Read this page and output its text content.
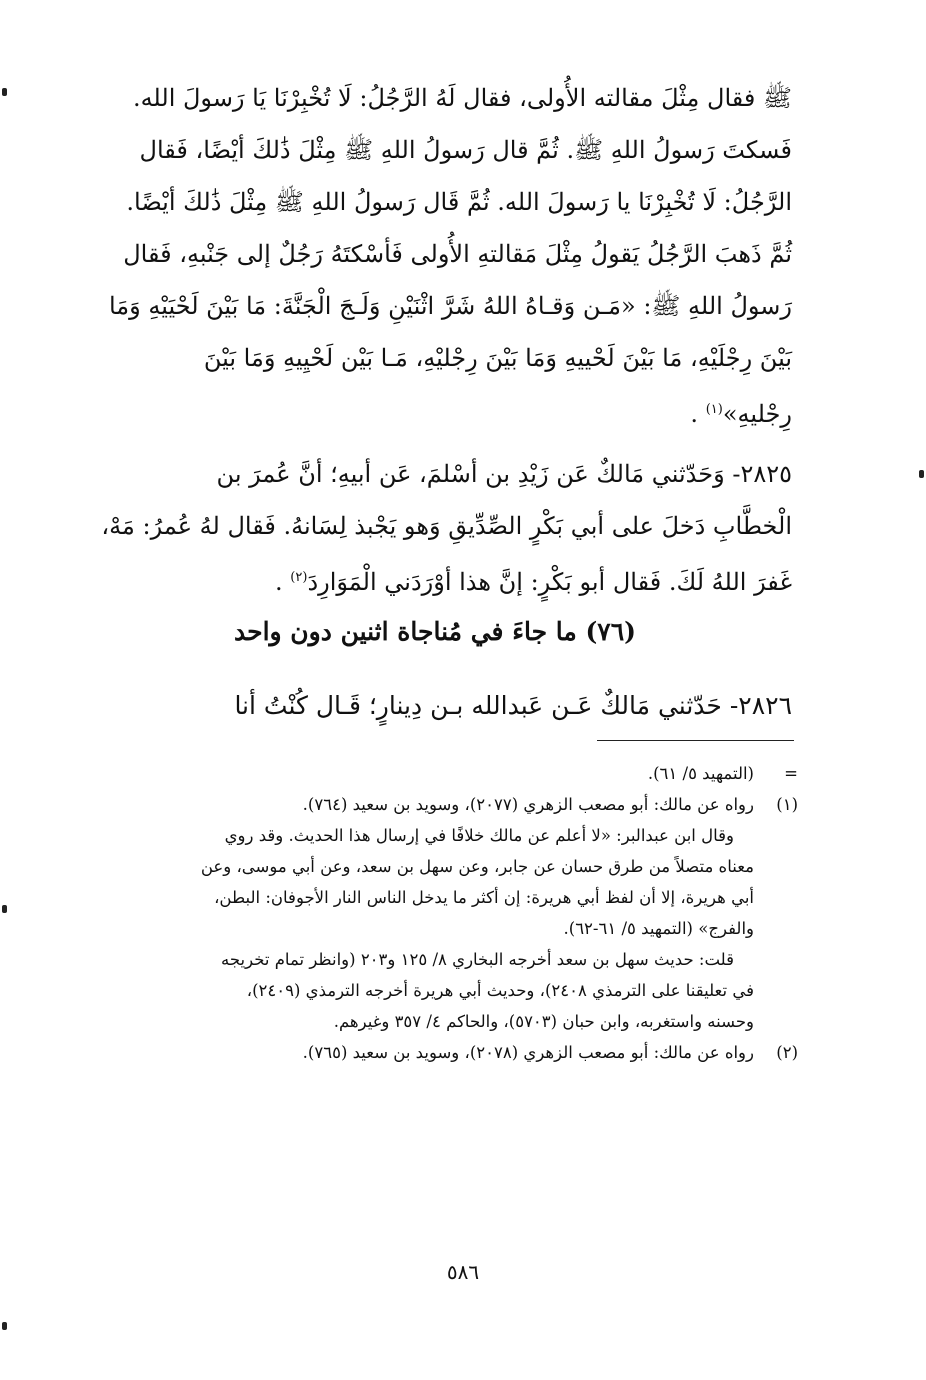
ﷺ فقال مِثْلَ مقالته الأُولى، فقال لَهُ الرَّجُلُ: لَا تُخْبِرْنَا يَا رَسولَ الله.
فَسكتَ رَسولُ اللهِ ﷺ. ثُمَّ قال رَسولُ اللهِ ﷺ مِثْلَ ذَٰلكَ أيْضًا، فَقال
الرَّجُلُ: لَا تُخْبِرْنَا يا رَسولَ الله. ثُمَّ قَال رَسولُ اللهِ ﷺ مِثْلَ ذَٰلكَ أيْضًا.
ثُمَّ ذَهبَ الرَّجُلُ يَقولُ مِثْلَ مَقالتهِ الأُولى فَأسْكتَهُ رَجُلٌ إلى جَنْبهِ، فَقال
رَسولُ اللهِ ﷺ: «مَـن وَقـاهُ اللهُ شَرَّ اثْنَيْنِ وَلَـجَ الْجَنَّةَ: مَا بَيْنَ لَحْيَيْهِ وَمَا
بَيْنَ رِجْلَيْهِ، مَا بَيْنَ لَحْييهِ وَمَا بَيْنَ رِجْليْهِ، مَـا بَيْن لَحْيِيهِ وَمَا بَيْنَ
رِجْليهِ»$^{(١)}$ .
٢٨٢٥- وَحَدّثني مَالكٌ عَن زَيْدِ بن أسْلمَ، عَن أبيهِ؛ أنَّ عُمرَ بن
الْخطَّابِ دَخلَ على أبي بَكْرٍ الصِّدِّيقِ وَهو يَجْبذ لِسَانهُ. فَقال لهُ عُمرُ: مَهْ،
غَفرَ اللهُ لَكَ. فَقال أبو بَكْرٍ: إنَّ هذا أوْرَدَني الْمَوَارِدَ$^{(٢)}$ .
(٧٦) ما جاءَ في مُناجاة اثنين دون واحد
٢٨٢٦- حَدّثني مَالكٌ عَـن عَبدالله بـن دِينارٍ؛ قَـال كُنْتُ أنا
=
(التمهيد ٥/ ٦١).
(١)
رواه عن مالك: أبو مصعب الزهري (٢٠٧٧)، وسويد بن سعيد (٧٦٤).
وقال ابن عبدالبر: «لا أعلم عن مالك خلافًا في إرسال هذا الحديث. وقد روي
معناه متصلاً من طرق حسان عن جابر، وعن سهل بن سعد، وعن أبي موسى، وعن
أبي هريرة، إلا أن لفظ أبي هريرة: إن أكثر ما يدخل الناس النار الأجوفان: البطن،
والفرج» (التمهيد ٥/ ٦١-٦٢).
قلت: حديث سهل بن سعد أخرجه البخاري ٨/ ١٢٥ و٢٠٣ (وانظر تمام تخريجه
في تعليقنا على الترمذي ٢٤٠٨)، وحديث أبي هريرة أخرجه الترمذي (٢٤٠٩)،
وحسنه واستغربه، وابن حبان (٥٧٠٣)، والحاكم ٤/ ٣٥٧ وغيرهم.
(٢)
رواه عن مالك: أبو مصعب الزهري (٢٠٧٨)، وسويد بن سعيد (٧٦٥).
٥٨٦
